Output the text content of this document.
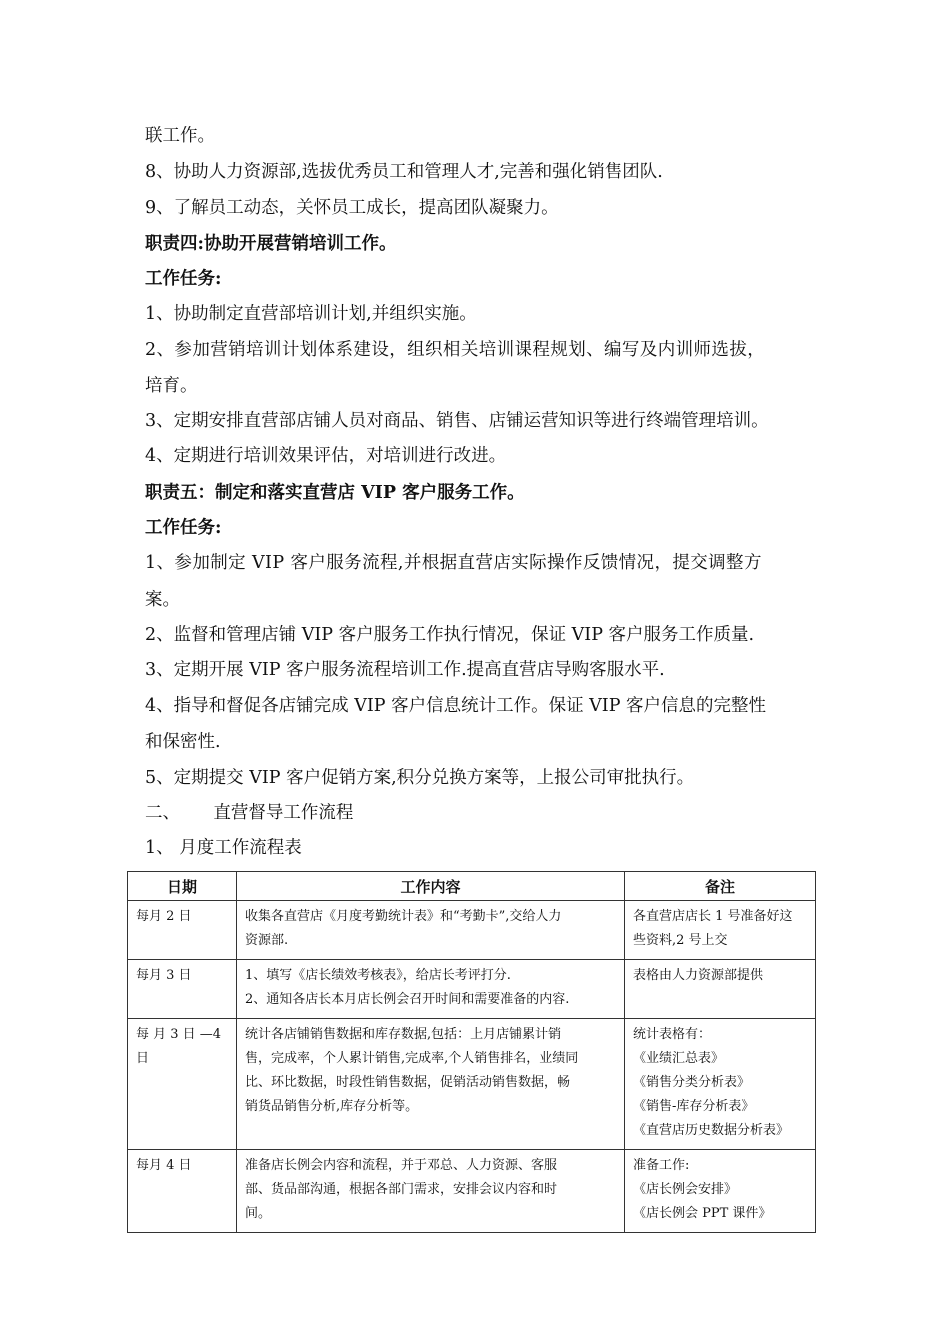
联工作。

8、协助人力资源部,选拔优秀员工和管理人才,完善和强化销售团队.

9、了解员工动态，关怀员工成长，提高团队凝聚力。

职责四:协助开展营销培训工作。

工作任务:

1、协助制定直营部培训计划,并组织实施。

2、参加营销培训计划体系建设，组织相关培训课程规划、编写及内训师选拔，

培育。

3、定期安排直营部店铺人员对商品、销售、店铺运营知识等进行终端管理培训。

4、定期进行培训效果评估，对培训进行改进。

职责五：制定和落实直营店 VIP 客户服务工作。

工作任务:

1、参加制定 VIP 客户服务流程,并根据直营店实际操作反馈情况，提交调整方

案。

2、监督和管理店铺 VIP 客户服务工作执行情况，保证 VIP 客户服务工作质量.

3、定期开展 VIP 客户服务流程培训工作.提高直营店导购客服水平.

4、指导和督促各店铺完成 VIP 客户信息统计工作。保证 VIP 客户信息的完整性

和保密性.

5、定期提交 VIP 客户促销方案,积分兑换方案等，上报公司审批执行。

二、      直营督导工作流程

1、 月度工作流程表

日期	工作内容	备注
每月 2 日	收集各直营店《月度考勤统计表》和“考勤卡”,交给人力
资源部.	各直营店店长 1 号准备好这
些资料,2 号上交

每月 3 日	1、填写《店长绩效考核表》，给店长考评打分.
2、通知各店长本月店长例会召开时间和需要准备的内容.	表格由人力资源部提供

每 月 3 日 —4 日	统计各店铺销售数据和库存数据,包括：上月店铺累计销
售，完成率，个人累计销售,完成率,个人销售排名，业绩同
比、环比数据，时段性销售数据，促销活动销售数据，畅
销货品销售分析,库存分析等。	统计表格有：
《业绩汇总表》
《销售分类分析表》
《销售-库存分析表》
《直营店历史数据分析表》

每月 4 日	准备店长例会内容和流程，并于邓总、人力资源、客服
部、货品部沟通，根据各部门需求，安排会议内容和时
间。	准备工作:
《店长例会安排》
《店长例会 PPT 课件》
